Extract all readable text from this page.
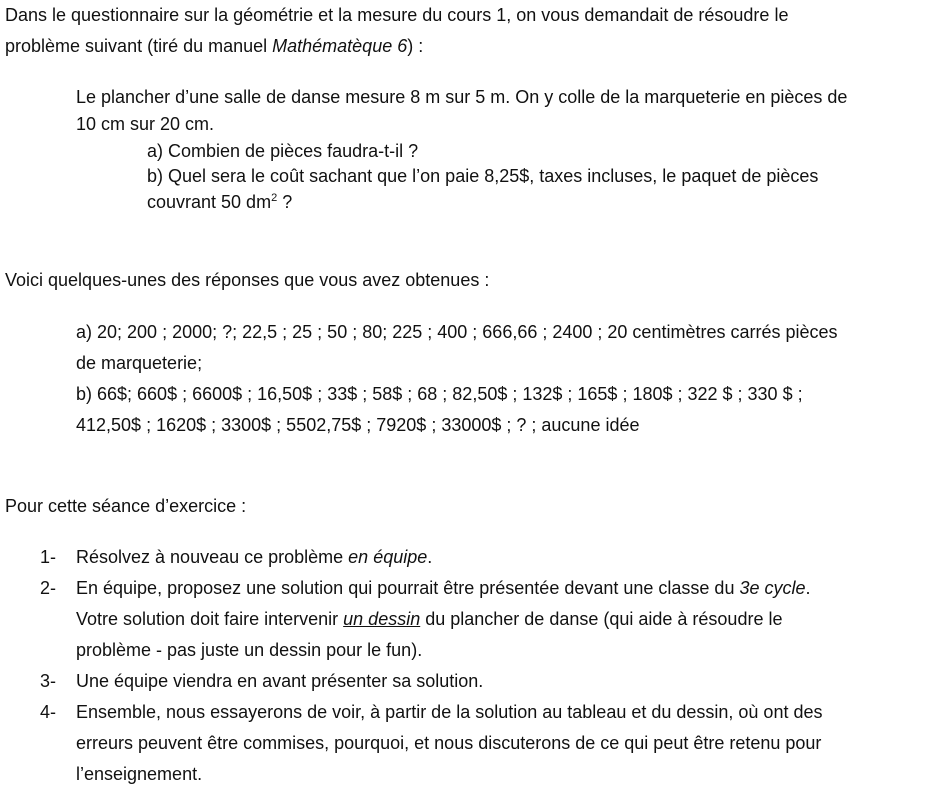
Dans le questionnaire sur la géométrie et la mesure du cours 1, on vous demandait de résoudre le
problème suivant (tiré du manuel Mathématèque 6) :
Le plancher d’une salle de danse mesure 8 m sur 5 m. On y colle de la marqueterie en pièces de
10 cm sur 20 cm.
a) Combien de pièces faudra-t-il ?
b) Quel sera le coût sachant que l’on paie 8,25$, taxes incluses, le paquet de pièces
couvrant 50 $dm^2$ ?
Voici quelques-unes des réponses que vous avez obtenues :
a) 20; 200 ; 2000; ?; 22,5 ; 25 ; 50 ; 80; 225 ; 400 ; 666,66 ; 2400 ; 20 centimètres carrés pièces
de marqueterie;
b) 66$; 660$ ; 6600$ ; 16,50$ ; 33$ ; 58$ ; 68 ; 82,50$ ; 132$ ; 165$ ; 180$ ; 322 $ ; 330 $ ;
412,50$ ; 1620$ ; 3300$ ; 5502,75$ ; 7920$ ; 33000$ ; ? ; aucune idée
Pour cette séance d’exercice :
1- Résolvez à nouveau ce problème en équipe.
2- En équipe, proposez une solution qui pourrait être présentée devant une classe du 3e cycle.
Votre solution doit faire intervenir un dessin du plancher de danse (qui aide à résoudre le
problème - pas juste un dessin pour le fun).
3- Une équipe viendra en avant présenter sa solution.
4- Ensemble, nous essayerons de voir, à partir de la solution au tableau et du dessin, où ont des
erreurs peuvent être commises, pourquoi, et nous discuterons de ce qui peut être retenu pour
l’enseignement.
